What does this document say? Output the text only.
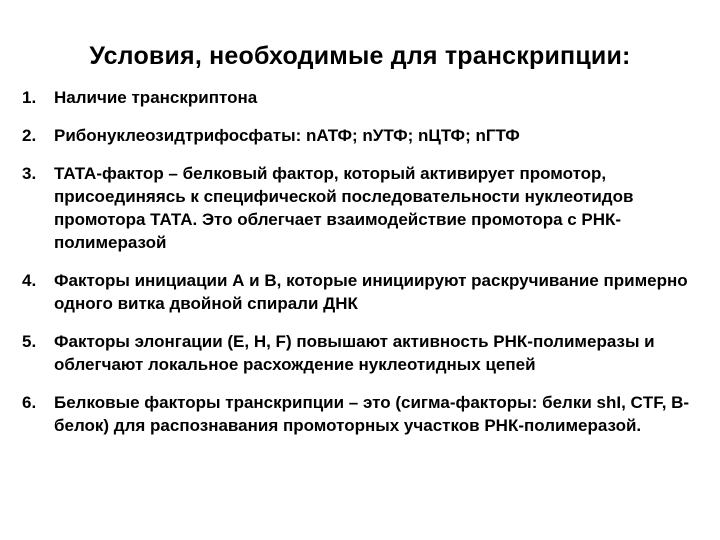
Условия, необходимые для транскрипции:
1.	Наличие транскриптона
2.	Рибонуклеозидтрифосфаты: nАТФ; nУТФ; nЦТФ; nГТФ
3.	ТАТА-фактор – белковый фактор, который активирует промотор, присоединяясь к специфической последовательности нуклеотидов промотора ТАТА. Это облегчает взаимодействие промотора с РНК-полимеразой
4.	Факторы инициации А и В, которые инициируют раскручивание примерно одного витка двойной спирали ДНК
5.	Факторы элонгации (Е, H, F) повышают активность РНК-полимеразы и облегчают локальное расхождение нуклеотидных цепей
6.	Белковые факторы транскрипции – это (сигма-факторы: белки shI, CTF, В-белок) для распознавания промоторных участков РНК-полимеразой.
